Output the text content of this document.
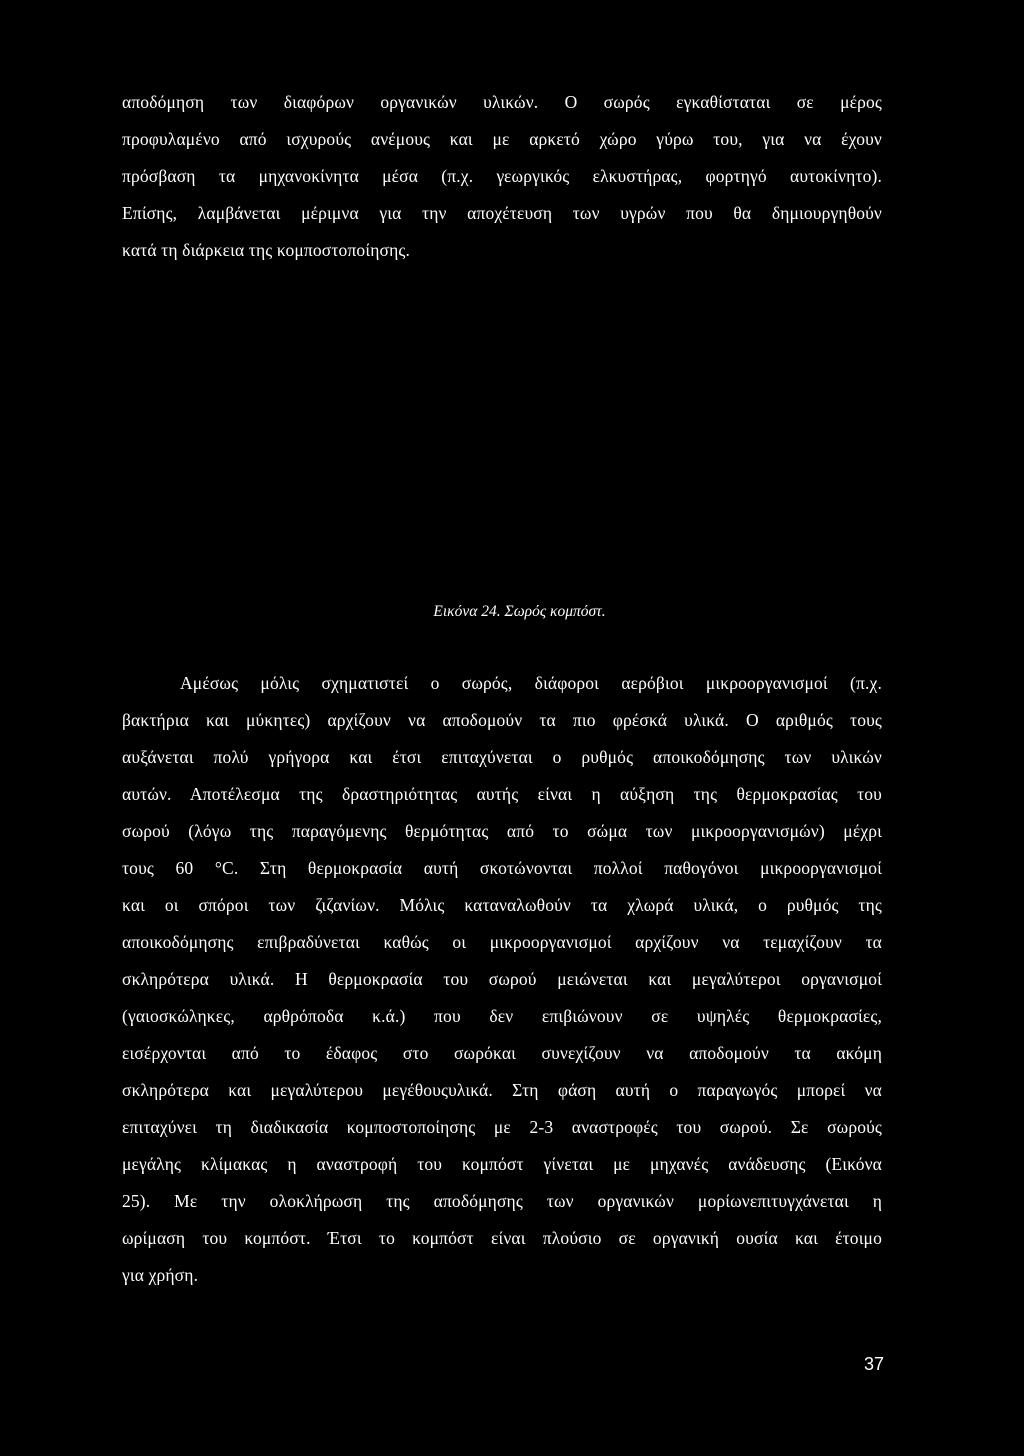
αποδόμηση των διαφόρων οργανικών υλικών. Ο σωρός εγκαθίσταται σε μέρος
προφυλαμένο από ισχυρούς ανέμους και με αρκετό χώρο γύρω του, για να έχουν
πρόσβαση τα μηχανοκίνητα μέσα (π.χ. γεωργικός ελκυστήρας, φορτηγό αυτοκίνητο).
Επίσης, λαμβάνεται μέριμνα για την αποχέτευση των υγρών που θα δημιουργηθούν
κατά τη διάρκεια της κομποστοποίησης.
Εικόνα 24. Σωρός κομπόστ.
Αμέσως μόλις σχηματιστεί ο σωρός, διάφοροι αερόβιοι μικροοργανισμοί (π.χ.
βακτήρια και μύκητες) αρχίζουν να αποδομούν τα πιο φρέσκά υλικά. Ο αριθμός τους
αυξάνεται πολύ γρήγορα και έτσι επιταχύνεται ο ρυθμός αποικοδόμησης των υλικών
αυτών. Αποτέλεσμα της δραστηριότητας αυτής είναι η αύξηση της θερμοκρασίας του
σωρού (λόγω της παραγόμενης θερμότητας από το σώμα των μικροοργανισμών) μέχρι
τους 60 °C. Στη θερμοκρασία αυτή σκοτώνονται πολλοί παθογόνοι μικροοργανισμοί
και οι σπόροι των ζιζανίων. Μόλις καταναλωθούν τα χλωρά υλικά, ο ρυθμός της
αποικοδόμησης επιβραδύνεται καθώς οι μικροοργανισμοί αρχίζουν να τεμαχίζουν τα
σκληρότερα υλικά. Η θερμοκρασία του σωρού μειώνεται και μεγαλύτεροι οργανισμοί
(γαιοσκώληκες, αρθρόποδα κ.ά.) που δεν επιβιώνουν σε υψηλές θερμοκρασίες,
εισέρχονται από το έδαφος στο σωρόκαι συνεχίζουν να αποδομούν τα ακόμη
σκληρότερα και μεγαλύτερου μεγέθουςυλικά. Στη φάση αυτή ο παραγωγός μπορεί να
επιταχύνει τη διαδικασία κομποστοποίησης με 2-3 αναστροφές του σωρού. Σε σωρούς
μεγάλης κλίμακας η αναστροφή του κομπόστ γίνεται με μηχανές ανάδευσης (Εικόνα
25). Με την ολοκλήρωση της αποδόμησης των οργανικών μορίωνεπιτυγχάνεται η
ωρίμαση του κομπόστ. Έτσι το κομπόστ είναι πλούσιο σε οργανική ουσία και έτοιμο
για χρήση.
37
